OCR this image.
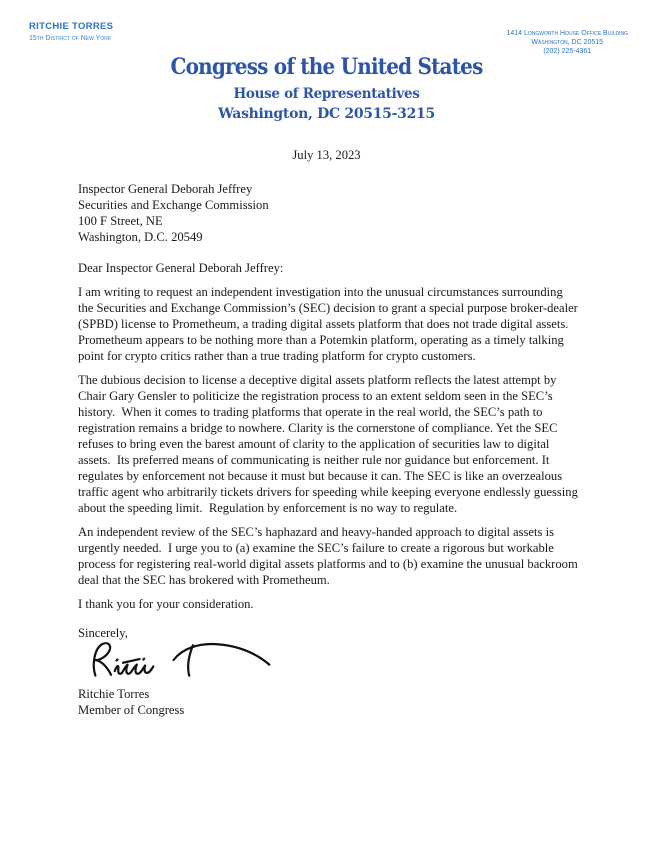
RITCHIE TORRES
15th District of New York
1414 Longworth House Office Building
Washington, DC 20515
(202) 225-4361
Congress of the United States
House of Representatives
Washington, DC 20515-3215
July 13, 2023
Inspector General Deborah Jeffrey
Securities and Exchange Commission
100 F Street, NE
Washington, D.C. 20549
Dear Inspector General Deborah Jeffrey:

I am writing to request an independent investigation into the unusual circumstances surrounding the Securities and Exchange Commission’s (SEC) decision to grant a special purpose broker-dealer (SPBD) license to Prometheum, a trading digital assets platform that does not trade digital assets.  Prometheum appears to be nothing more than a Potemkin platform, operating as a timely talking point for crypto critics rather than a true trading platform for crypto customers.

The dubious decision to license a deceptive digital assets platform reflects the latest attempt by Chair Gary Gensler to politicize the registration process to an extent seldom seen in the SEC’s history.  When it comes to trading platforms that operate in the real world, the SEC’s path to registration remains a bridge to nowhere. Clarity is the cornerstone of compliance. Yet the SEC refuses to bring even the barest amount of clarity to the application of securities law to digital assets.  Its preferred means of communicating is neither rule nor guidance but enforcement. It regulates by enforcement not because it must but because it can. The SEC is like an overzealous traffic agent who arbitrarily tickets drivers for speeding while keeping everyone endlessly guessing about the speeding limit.  Regulation by enforcement is no way to regulate.

An independent review of the SEC’s haphazard and heavy-handed approach to digital assets is urgently needed.  I urge you to (a) examine the SEC’s failure to create a rigorous but workable process for registering real-world digital assets platforms and to (b) examine the unusual backroom deal that the SEC has brokered with Prometheum.

I thank you for your consideration.

Sincerely,
Ritchie Torres
Member of Congress
